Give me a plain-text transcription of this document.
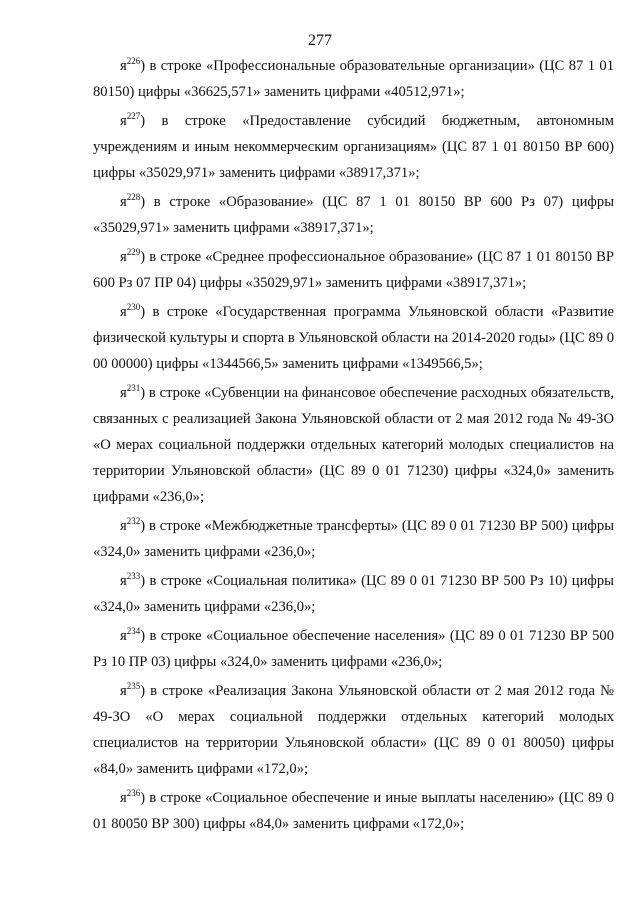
277

$я^{226}$) в строке «Профессиональные образовательные организации» (ЦС 87 1 01 80150) цифры «36625,571» заменить цифрами «40512,971»;

$я^{227}$) в строке «Предоставление субсидий бюджетным, автономным учреждениям и иным некоммерческим организациям» (ЦС 87 1 01 80150 ВР 600) цифры «35029,971» заменить цифрами «38917,371»;

$я^{228}$) в строке «Образование» (ЦС 87 1 01 80150 ВР 600 Рз 07) цифры «35029,971» заменить цифрами «38917,371»;

$я^{229}$) в строке «Среднее профессиональное образование» (ЦС 87 1 01 80150 ВР 600 Рз 07 ПР 04) цифры «35029,971» заменить цифрами «38917,371»;

$я^{230}$) в строке «Государственная программа Ульяновской области «Развитие физической культуры и спорта в Ульяновской области на 2014-2020 годы» (ЦС 89 0 00 00000) цифры «1344566,5» заменить цифрами «1349566,5»;

$я^{231}$) в строке «Субвенции на финансовое обеспечение расходных обязательств, связанных с реализацией Закона Ульяновской области от 2 мая 2012 года № 49-ЗО «О мерах социальной поддержки отдельных категорий молодых специалистов на территории Ульяновской области» (ЦС 89 0 01 71230) цифры «324,0» заменить цифрами «236,0»;

$я^{232}$) в строке «Межбюджетные трансферты» (ЦС 89 0 01 71230 ВР 500) цифры «324,0» заменить цифрами «236,0»;

$я^{233}$) в строке «Социальная политика» (ЦС 89 0 01 71230 ВР 500 Рз 10) цифры «324,0» заменить цифрами «236,0»;

$я^{234}$) в строке «Социальное обеспечение населения» (ЦС 89 0 01 71230 ВР 500 Рз 10 ПР 03) цифры «324,0» заменить цифрами «236,0»;

$я^{235}$) в строке «Реализация Закона Ульяновской области от 2 мая 2012 года № 49-ЗО «О мерах социальной поддержки отдельных категорий молодых специалистов на территории Ульяновской области» (ЦС 89 0 01 80050) цифры «84,0» заменить цифрами «172,0»;

$я^{236}$) в строке «Социальное обеспечение и иные выплаты населению» (ЦС 89 0 01 80050 ВР 300) цифры «84,0» заменить цифрами «172,0»;
